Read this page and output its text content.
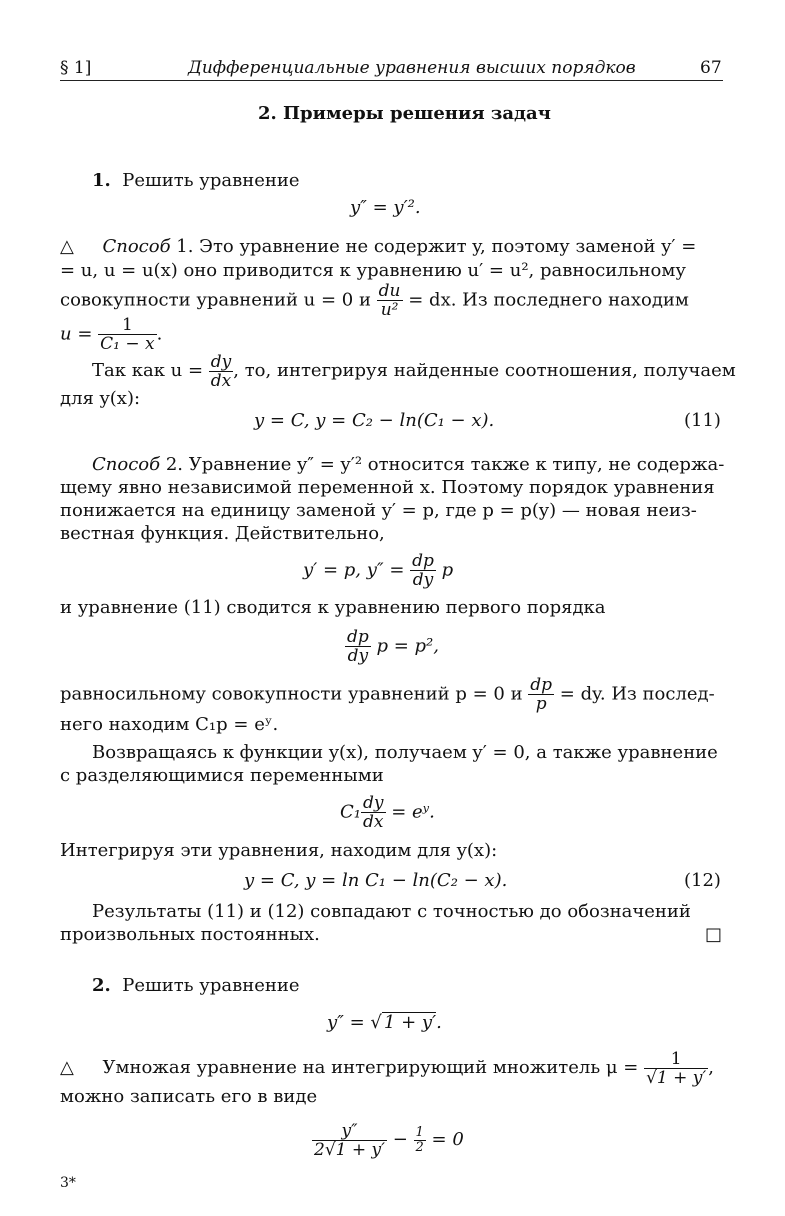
§ 1]	Дифференциальные уравнения высших порядков	67
2. Примеры решения задач
1. Решить уравнение
y″ = y′².
△ Способ 1. Это уравнение не содержит y, поэтому заменой y′ =
= u, u = u(x) оно приводится к уравнению u′ = u², равносильному
совокупности уравнений u = 0 и $\frac{du}{\text{u²}}$ = dx. Из последнего находим
$u = \frac{1}{\text{C₁ − x}}$ .
Так как $u = \frac{dy}{dx}$ , то, интегрируя найденные соотношения, получаем
для y(x):
y = C, y = C₂ − ln(C₁ − x).	(11)
Способ 2. Уравнение y″ = y′² относится также к типу, не содержа-
щему явно независимой переменной x. Поэтому порядок уравнения
понижается на единицу заменой y′ = p, где p = p(y) — новая неиз-
вестная функция. Действительно,
y′ = p, $y'' = \frac{dp}{dy}$ p
и уравнение (11) сводится к уравнению первого порядка
$\frac{dp}{dy}$ p = p²,
равносильному совокупности уравнений p = 0 и $\frac{dp}{p}$ = dy. Из послед-
него находим C₁p = eʸ.
Возвращаясь к функции y(x), получаем y′ = 0, а также уравнение
с разделяющимися переменными
$C_1 \frac{dy}{dx}$ = eʸ.
Интегрируя эти уравнения, находим для y(x):
y = C, y = ln C₁ − ln(C₂ − x).	(12)
Результаты (11) и (12) совпадают с точностью до обозначений
произвольных постоянных.	□
2. Решить уравнение
y″ = √ 1 + y′.
△ Умножая уравнение на интегрирующий множитель $\mu = \frac{1}{√1 + y'}$ ,
можно записать его в виде
$\frac{y''}{2√1 + y'} - \frac{1}{2} = 0$
3*
